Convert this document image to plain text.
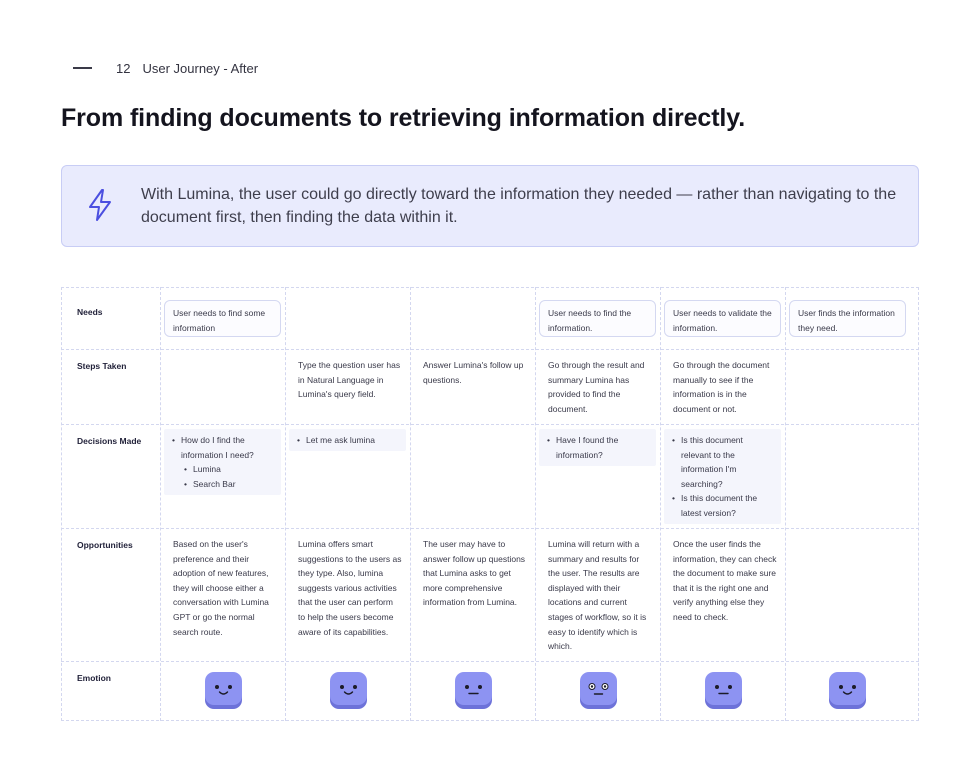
12 User Journey - After
From finding documents to retrieving information directly.
With Lumina, the user could go directly toward the information they needed — rather than navigating to the document first, then finding the data within it.
Needs
Steps Taken
Decisions Made
Opportunities
Emotion
User needs to find some information
User needs to find the information.
User needs to validate the information.
User finds the information they need.
Type the question user has in Natural Language in Lumina's query field.
Answer Lumina's follow up questions.
Go through the result and summary Lumina has provided to find the document.
Go through the document manually to see if the information is in the document or not.
• How do I find the information I need?
• Lumina
• Search Bar
• Let me ask lumina
•	Have I found the information?
• Is this document relevant to the information I'm searching?
• Is this document the latest version?
Based on the user's preference and their adoption of new features, they will choose either a conversation with Lumina GPT or go the normal search route.
Lumina offers smart suggestions to the users as they type. Also, lumina suggests various activities that the user can perform to help the users become aware of its capabilities.
The user may have to answer follow up questions that Lumina asks to get more comprehensive information from Lumina.
Lumina will return with a summary and results for the user. The results are displayed with their locations and current stages of workflow, so it is easy to identify which is which.
Once the user finds the information, they can check the document to make sure that it is the right one and verify anything else they need to check.
